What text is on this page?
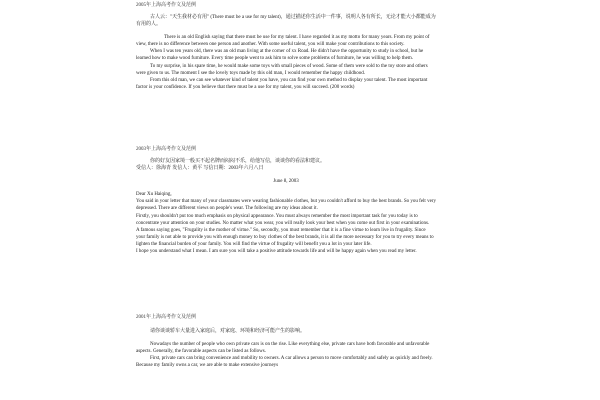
2005年上海高考作文及范例

古人云："天生我材必有用" (There must be a use for my talent)，通过描述你生活中一件事，说明人各有所长，无论才能大小都能成为有用的人。

There is an old English saying that there must be use for my talent. I have regarded it as my motto for many years. From my point of view, there is no difference between one person and another. With some useful talent, you will make your contributions to this society.

When I was ten years old, there was an old man living at the corner of xx Road. He didn't have the opportunity to study in school, but he learned how to make wood furniture. Every time people went to ask him to solve some problems of furniture, he was willing to help them.

To my surprise, in his spare time, he would make some toys with small pieces of wood. Some of them were sold to the toy store and others were given to us. The moment I see the lovely toys made by this old man, I would remember the happy childhood.

From this old man, we can see whatever kind of talent you have, you can find your own method to display your talent. The most important factor is your confidence. If you believe that there must be a use for my talent, you will succeed. (200 words)

2003年上海高考作文及范例

你的好友因家境一般买不起名牌而闷闷不乐，给他写信，谈谈你的看法和建议。

受信人：徐海青 发信人：黄平 写信日期：2003年六月八日

June 8, 2003

Dear Xu Haiqing,

You said in your letter that many of your classmates were wearing fashionable clothes, but you couldn't afford to buy the best brands. So you felt very depressed. There are different views on people's wear. The following are my ideas about it.

Firstly, you shouldn't put too much emphasis on physical appearance. You must always remember the most important task for you today is to concentrate your attention on your studies. No matter what you wear, you will really look your best when you come out first in your examinations.

A famous saying goes, "Frugality is the mother of virtue." So, secondly, you must remember that it is a fine virtue to learn live in frugality. Since your family is not able to provide you with enough money to buy clothes of the best brands, it is all the more necessary for you to try every means to lighten the financial burden of your family. You will find the virtue of frugality will benefit you a lot in your later life.

I hope you understand what I mean. I am sure you will take a positive attitude towards life and will be happy again when you read my letter.

2001年上海高考作文及范例

请你谈谈轿车大量进入家庭后，对家庭、环境和经济可能产生的影响。

Nowadays the number of people who own private cars is on the rise. Like everything else, private cars have both favorable and unfavorable aspects. Generally, the favorable aspects can be listed as follows.

First, private cars can bring convenience and mobility to owners. A car allows a person to move comfortably and safely as quickly and freely. Because my family owns a car, we are able to make extensive journeys
